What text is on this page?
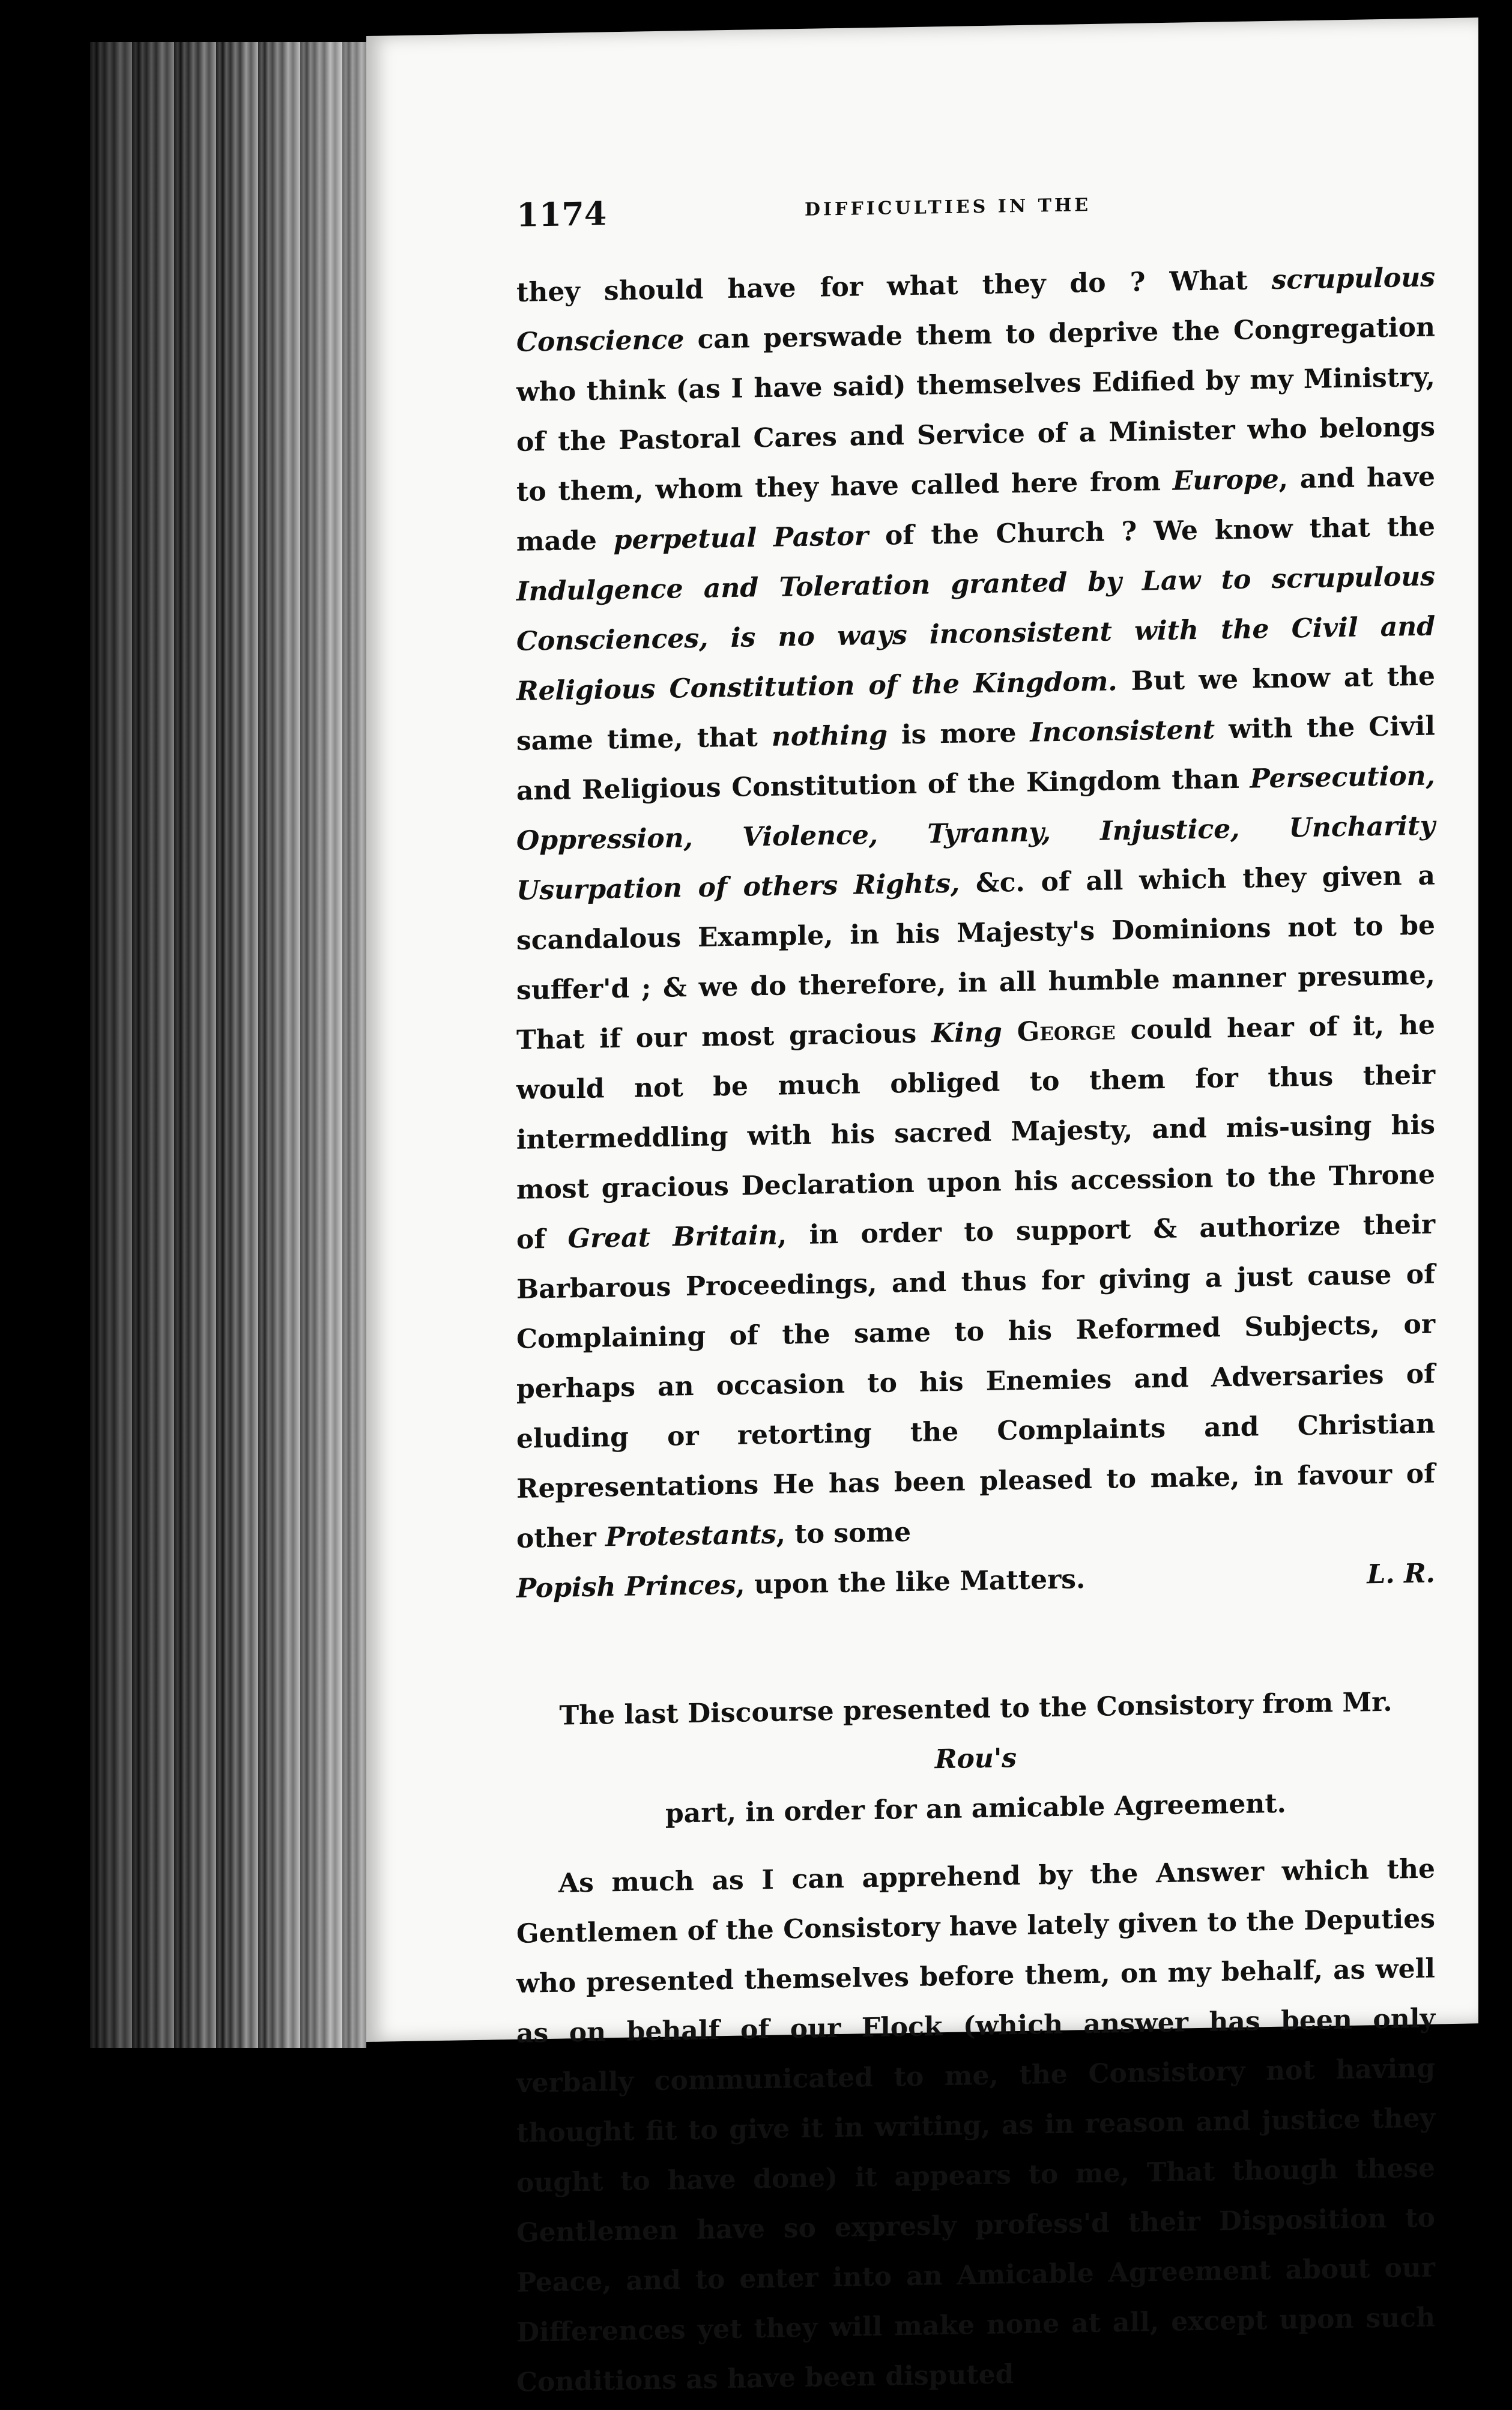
1174	DIFFICULTIES IN THE

they should have for what they do ? What scrupulous Conscience can perswade them to deprive the Congregation who think (as I have said) themselves Edified by my Ministry, of the Pastoral Cares and Service of a Minister who belongs to them, whom they have called here from Europe, and have made perpetual Pastor of the Church ? We know that the Indulgence and Toleration granted by Law to scrupulous Consciences, is no ways inconsistent with the Civil and Religious Constitution of the Kingdom. But we know at the same time, that nothing is more Inconsistent with the Civil and Religious Constitution of the Kingdom than Persecution, Oppression, Violence, Tyranny, Injustice, Uncharity Usurpation of others Rights, &c. of all which they given a scandalous Example, in his Majesty's Dominions not to be suffer'd ; & we do therefore, in all humble manner presume, That if our most gracious King George could hear of it, he would not be much obliged to them for thus their intermeddling with his sacred Majesty, and mis-using his most gracious Declaration upon his accession to the Throne of Great Britain, in order to support & authorize their Barbarous Proceedings, and thus for giving a just cause of Complaining of the same to his Reformed Subjects, or perhaps an occasion to his Enemies and Adversaries of eluding or retorting the Complaints and Christian Representations He has been pleased to make, in favour of other Protestants, to some

Popish Princes, upon the like Matters.	L. R.
The last Discourse presented to the Consistory from Mr. Rou's
part, in order for an amicable Agreement.

As much as I can apprehend by the Answer which the Gentlemen of the Consistory have lately given to the Deputies who presented themselves before them, on my behalf, as well as on behalf of our Flock (which answer has been only verbally communicated to me, the Consistory not having thought fit to give it in writing, as in reason and justice they ought to have done) it appears to me, That though these Gentlemen have so expresly profess'd their Disposition to Peace, and to enter into an Amicable Agreement about our Differences yet they will make none at all, except upon such Conditions as have been disputed
